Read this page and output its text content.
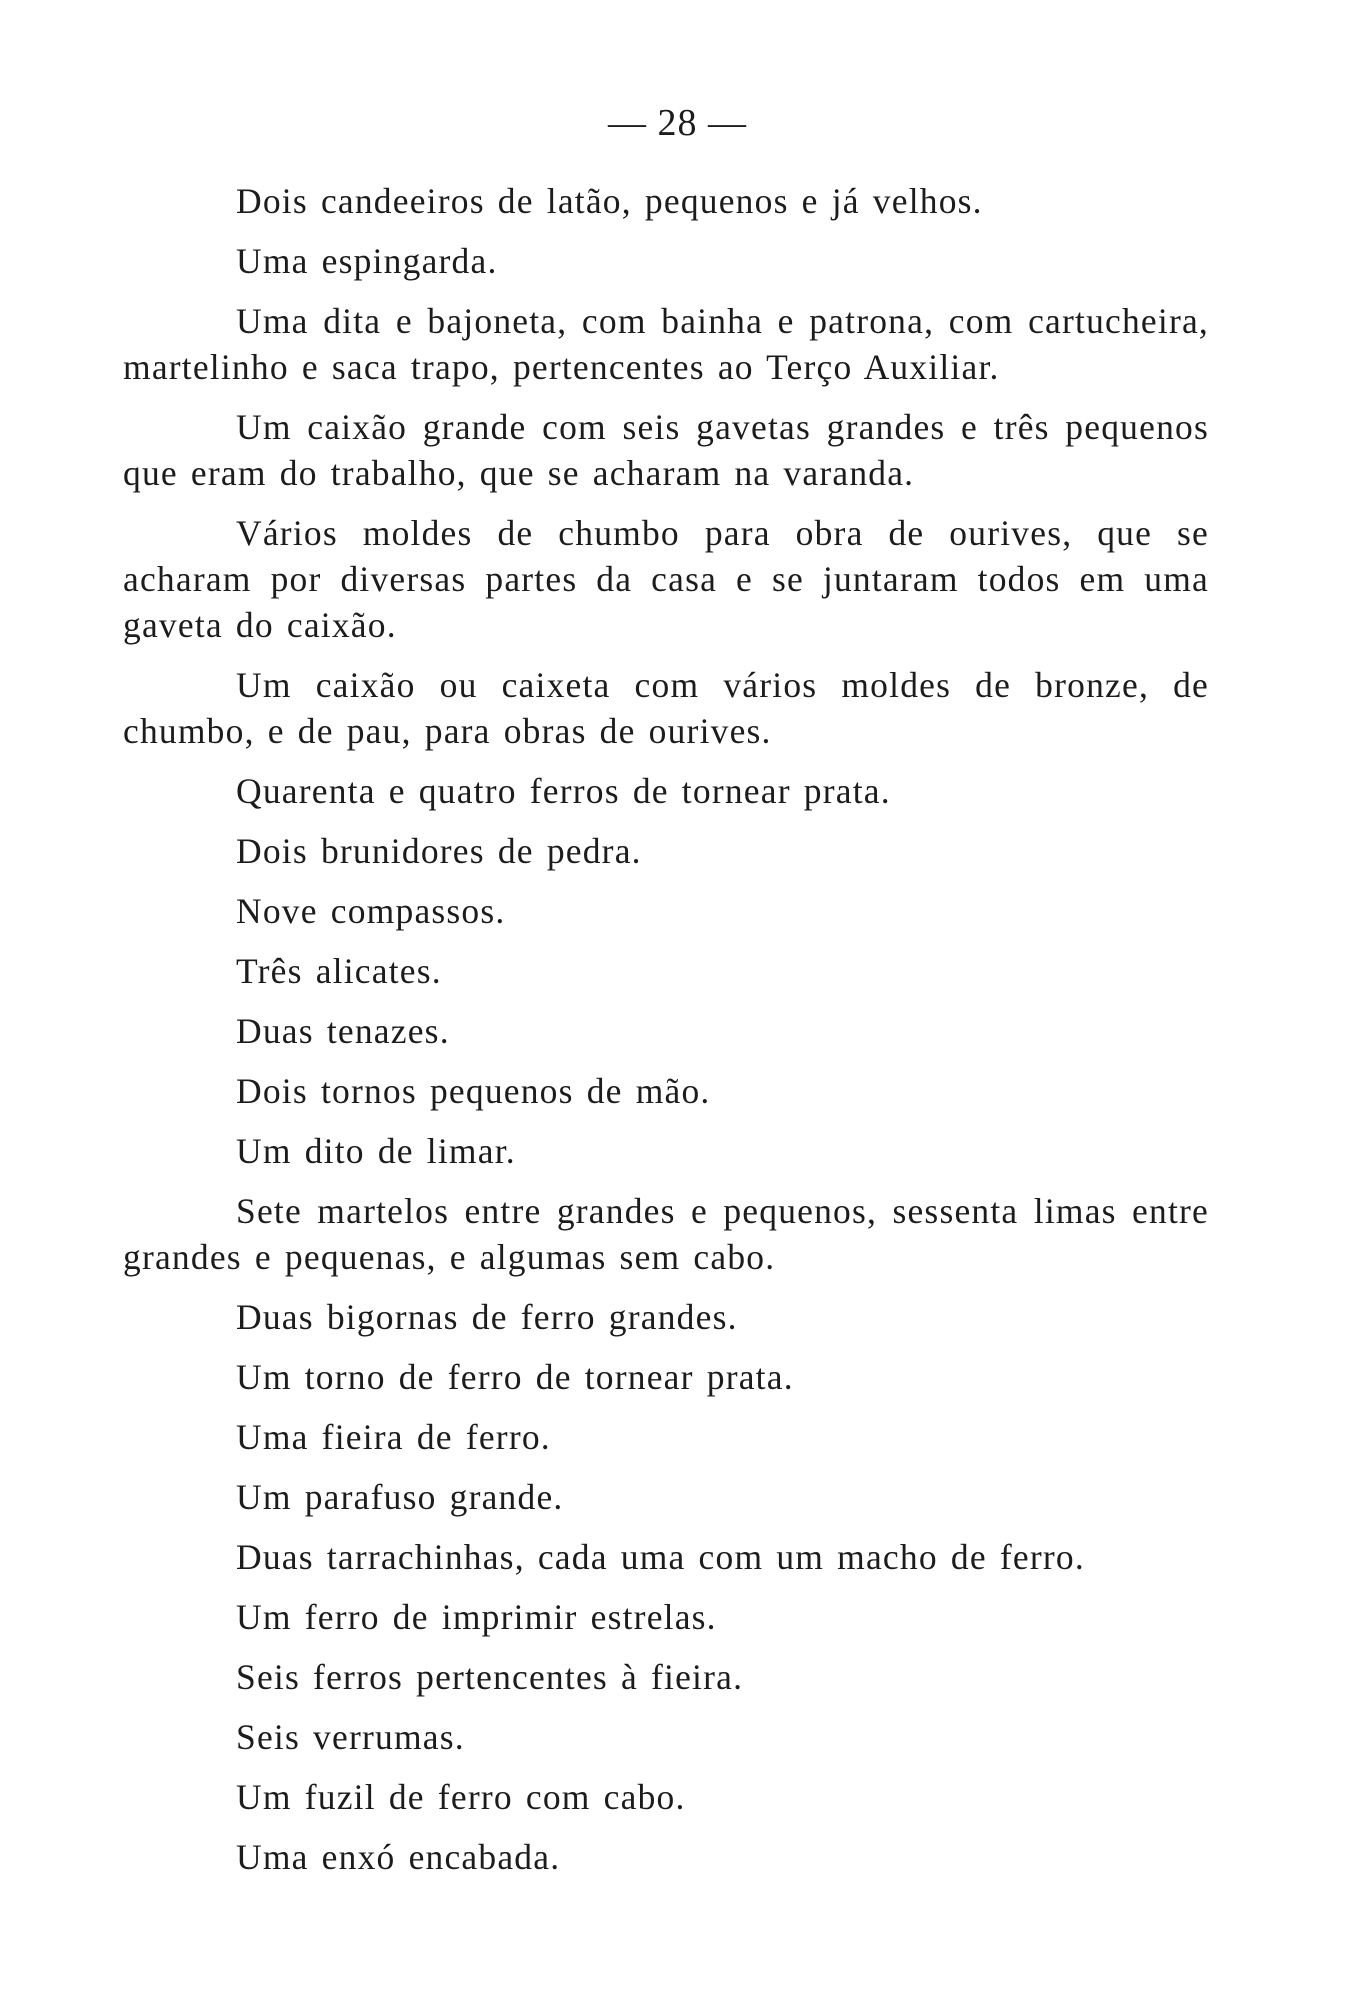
— 28 —

Dois candeeiros de latão, pequenos e já velhos.

Uma espingarda.

Uma dita e bajoneta, com bainha e patrona, com cartucheira, martelinho e saca trapo, pertencentes ao Terço Auxiliar.

Um caixão grande com seis gavetas grandes e três pequenos que eram do trabalho, que se acharam na varanda.

Vários moldes de chumbo para obra de ourives, que se acharam por diversas partes da casa e se juntaram todos em uma gaveta do caixão.

Um caixão ou caixeta com vários moldes de bronze, de chumbo, e de pau, para obras de ourives.

Quarenta e quatro ferros de tornear prata.

Dois brunidores de pedra.

Nove compassos.

Três alicates.

Duas tenazes.

Dois tornos pequenos de mão.

Um dito de limar.

Sete martelos entre grandes e pequenos, sessenta limas entre grandes e pequenas, e algumas sem cabo.

Duas bigornas de ferro grandes.

Um torno de ferro de tornear prata.

Uma fieira de ferro.

Um parafuso grande.

Duas tarrachinhas, cada uma com um macho de ferro.

Um ferro de imprimir estrelas.

Seis ferros pertencentes à fieira.

Seis verrumas.

Um fuzil de ferro com cabo.

Uma enxó encabada.
